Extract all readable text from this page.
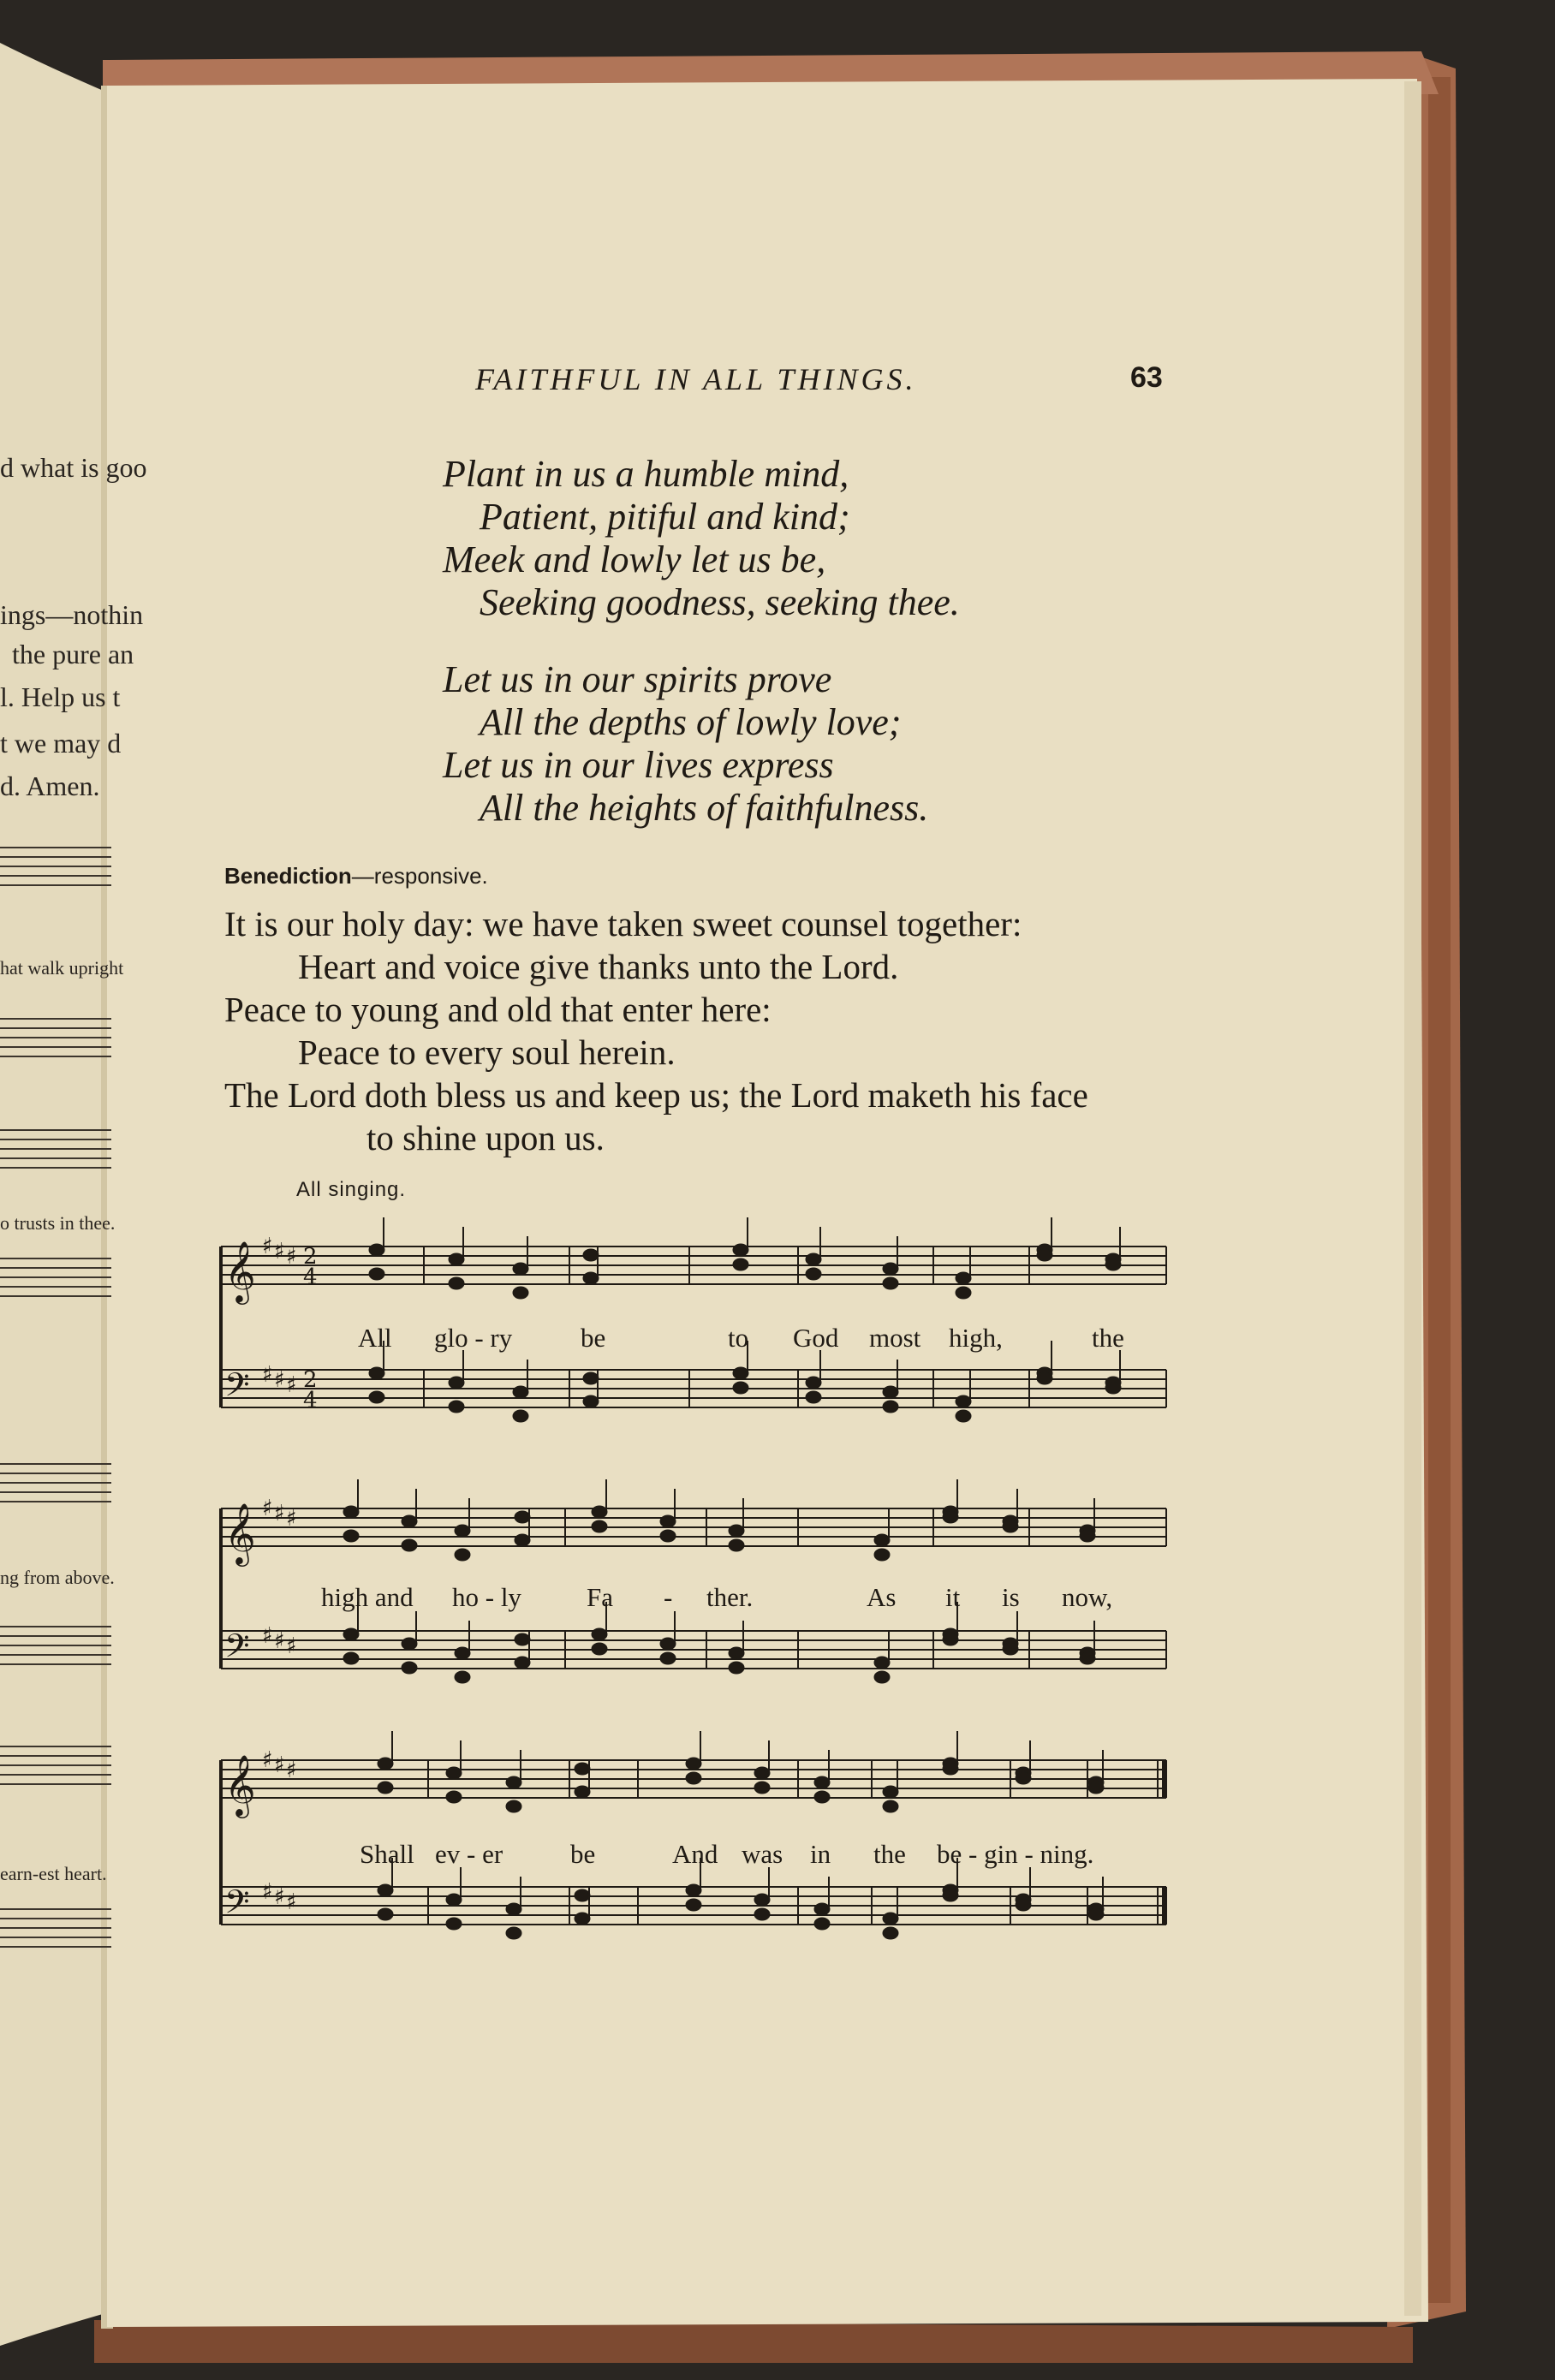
𝄞
𝄢
♯
♯
♯
♯
♯
♯
2
4
2
4
𝄞
𝄢
♯
♯
♯
♯
♯
♯
𝄞
𝄢
♯
♯
♯
♯
♯
♯
d what is goo
ings—nothin
the pure an
l. Help us t
t we may d
d. Amen.
hat walk upright
o trusts in thee.
ng from above.
earn-est heart.
FAITHFUL IN ALL THINGS.	63
Plant in us a humble mind,
Patient, pitiful and kind;
Meek and lowly let us be,
Seeking goodness, seeking thee.
Let us in our spirits prove
All the depths of lowly love;
Let us in our lives express
All the heights of faithfulness.
Benediction—responsive.
It is our holy day: we have taken sweet counsel together:
Heart and voice give thanks unto the Lord.
Peace to young and old that enter here:
Peace to every soul herein.
The Lord doth bless us and keep us; the Lord maketh his face
to shine upon us.
All singing.
All glo - ry	be	to God most high,	the
high and ho - ly Fa - ther.	As it is now,
Shall ev - er	be	And was in the be - gin - ning.
